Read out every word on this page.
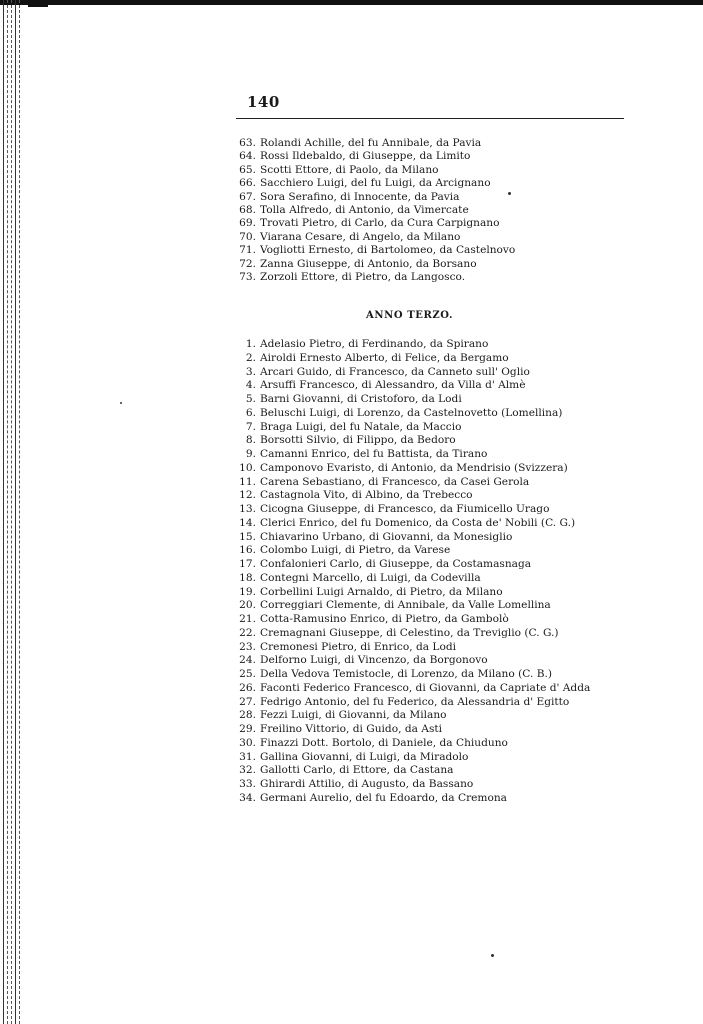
140
63. Rolandi Achille, del fu Annibale, da Pavia
64. Rossi Ildebaldo, di Giuseppe, da Limito
65. Scotti Ettore, di Paolo, da Milano
66. Sacchiero Luigi, del fu Luigi, da Arcignano
67. Sora Serafino, di Innocente, da Pavia
68. Tolla Alfredo, di Antonio, da Vimercate
69. Trovati Pietro, di Carlo, da Cura Carpignano
70. Viarana Cesare, di Angelo, da Milano
71. Vogliotti Ernesto, di Bartolomeo, da Castelnovo
72. Zanna Giuseppe, di Antonio, da Borsano
73. Zorzoli Ettore, di Pietro, da Langosco.
ANNO TERZO.
1. Adelasio Pietro, di Ferdinando, da Spirano
2. Airoldi Ernesto Alberto, di Felice, da Bergamo
3. Arcari Guido, di Francesco, da Canneto sull' Oglio
4. Arsuffi Francesco, di Alessandro, da Villa d' Almè
5. Barni Giovanni, di Cristoforo, da Lodi
6. Beluschi Luigi, di Lorenzo, da Castelnovetto (Lomellina)
7. Braga Luigi, del fu Natale, da Maccio
8. Borsotti Silvio, di Filippo, da Bedoro
9. Camanni Enrico, del fu Battista, da Tirano
10. Camponovo Evaristo, di Antonio, da Mendrisio (Svizzera)
11. Carena Sebastiano, di Francesco, da Casei Gerola
12. Castagnola Vito, di Albino, da Trebecco
13. Cicogna Giuseppe, di Francesco, da Fiumicello Urago
14. Clerici Enrico, del fu Domenico, da Costa de' Nobili (C. G.)
15. Chiavarino Urbano, di Giovanni, da Monesiglio
16. Colombo Luigi, di Pietro, da Varese
17. Confalonieri Carlo, di Giuseppe, da Costamasnaga
18. Contegni Marcello, di Luigi, da Codevilla
19. Corbellini Luigi Arnaldo, di Pietro, da Milano
20. Correggiari Clemente, di Annibale, da Valle Lomellina
21. Cotta-Ramusino Enrico, di Pietro, da Gambolò
22. Cremagnani Giuseppe, di Celestino, da Treviglio (C. G.)
23. Cremonesi Pietro, di Enrico, da Lodi
24. Delforno Luigi, di Vincenzo, da Borgonovo
25. Della Vedova Temistocle, di Lorenzo, da Milano (C. B.)
26. Faconti Federico Francesco, di Giovanni, da Capriate d' Adda
27. Fedrigo Antonio, del fu Federico, da Alessandria d' Egitto
28. Fezzi Luigi, di Giovanni, da Milano
29. Freilino Vittorio, di Guido, da Asti
30. Finazzi Dott. Bortolo, di Daniele, da Chiuduno
31. Gallina Giovanni, di Luigi, da Miradolo
32. Gallotti Carlo, di Ettore, da Castana
33. Ghirardi Attilio, di Augusto, da Bassano
34. Germani Aurelio, del fu Edoardo, da Cremona
